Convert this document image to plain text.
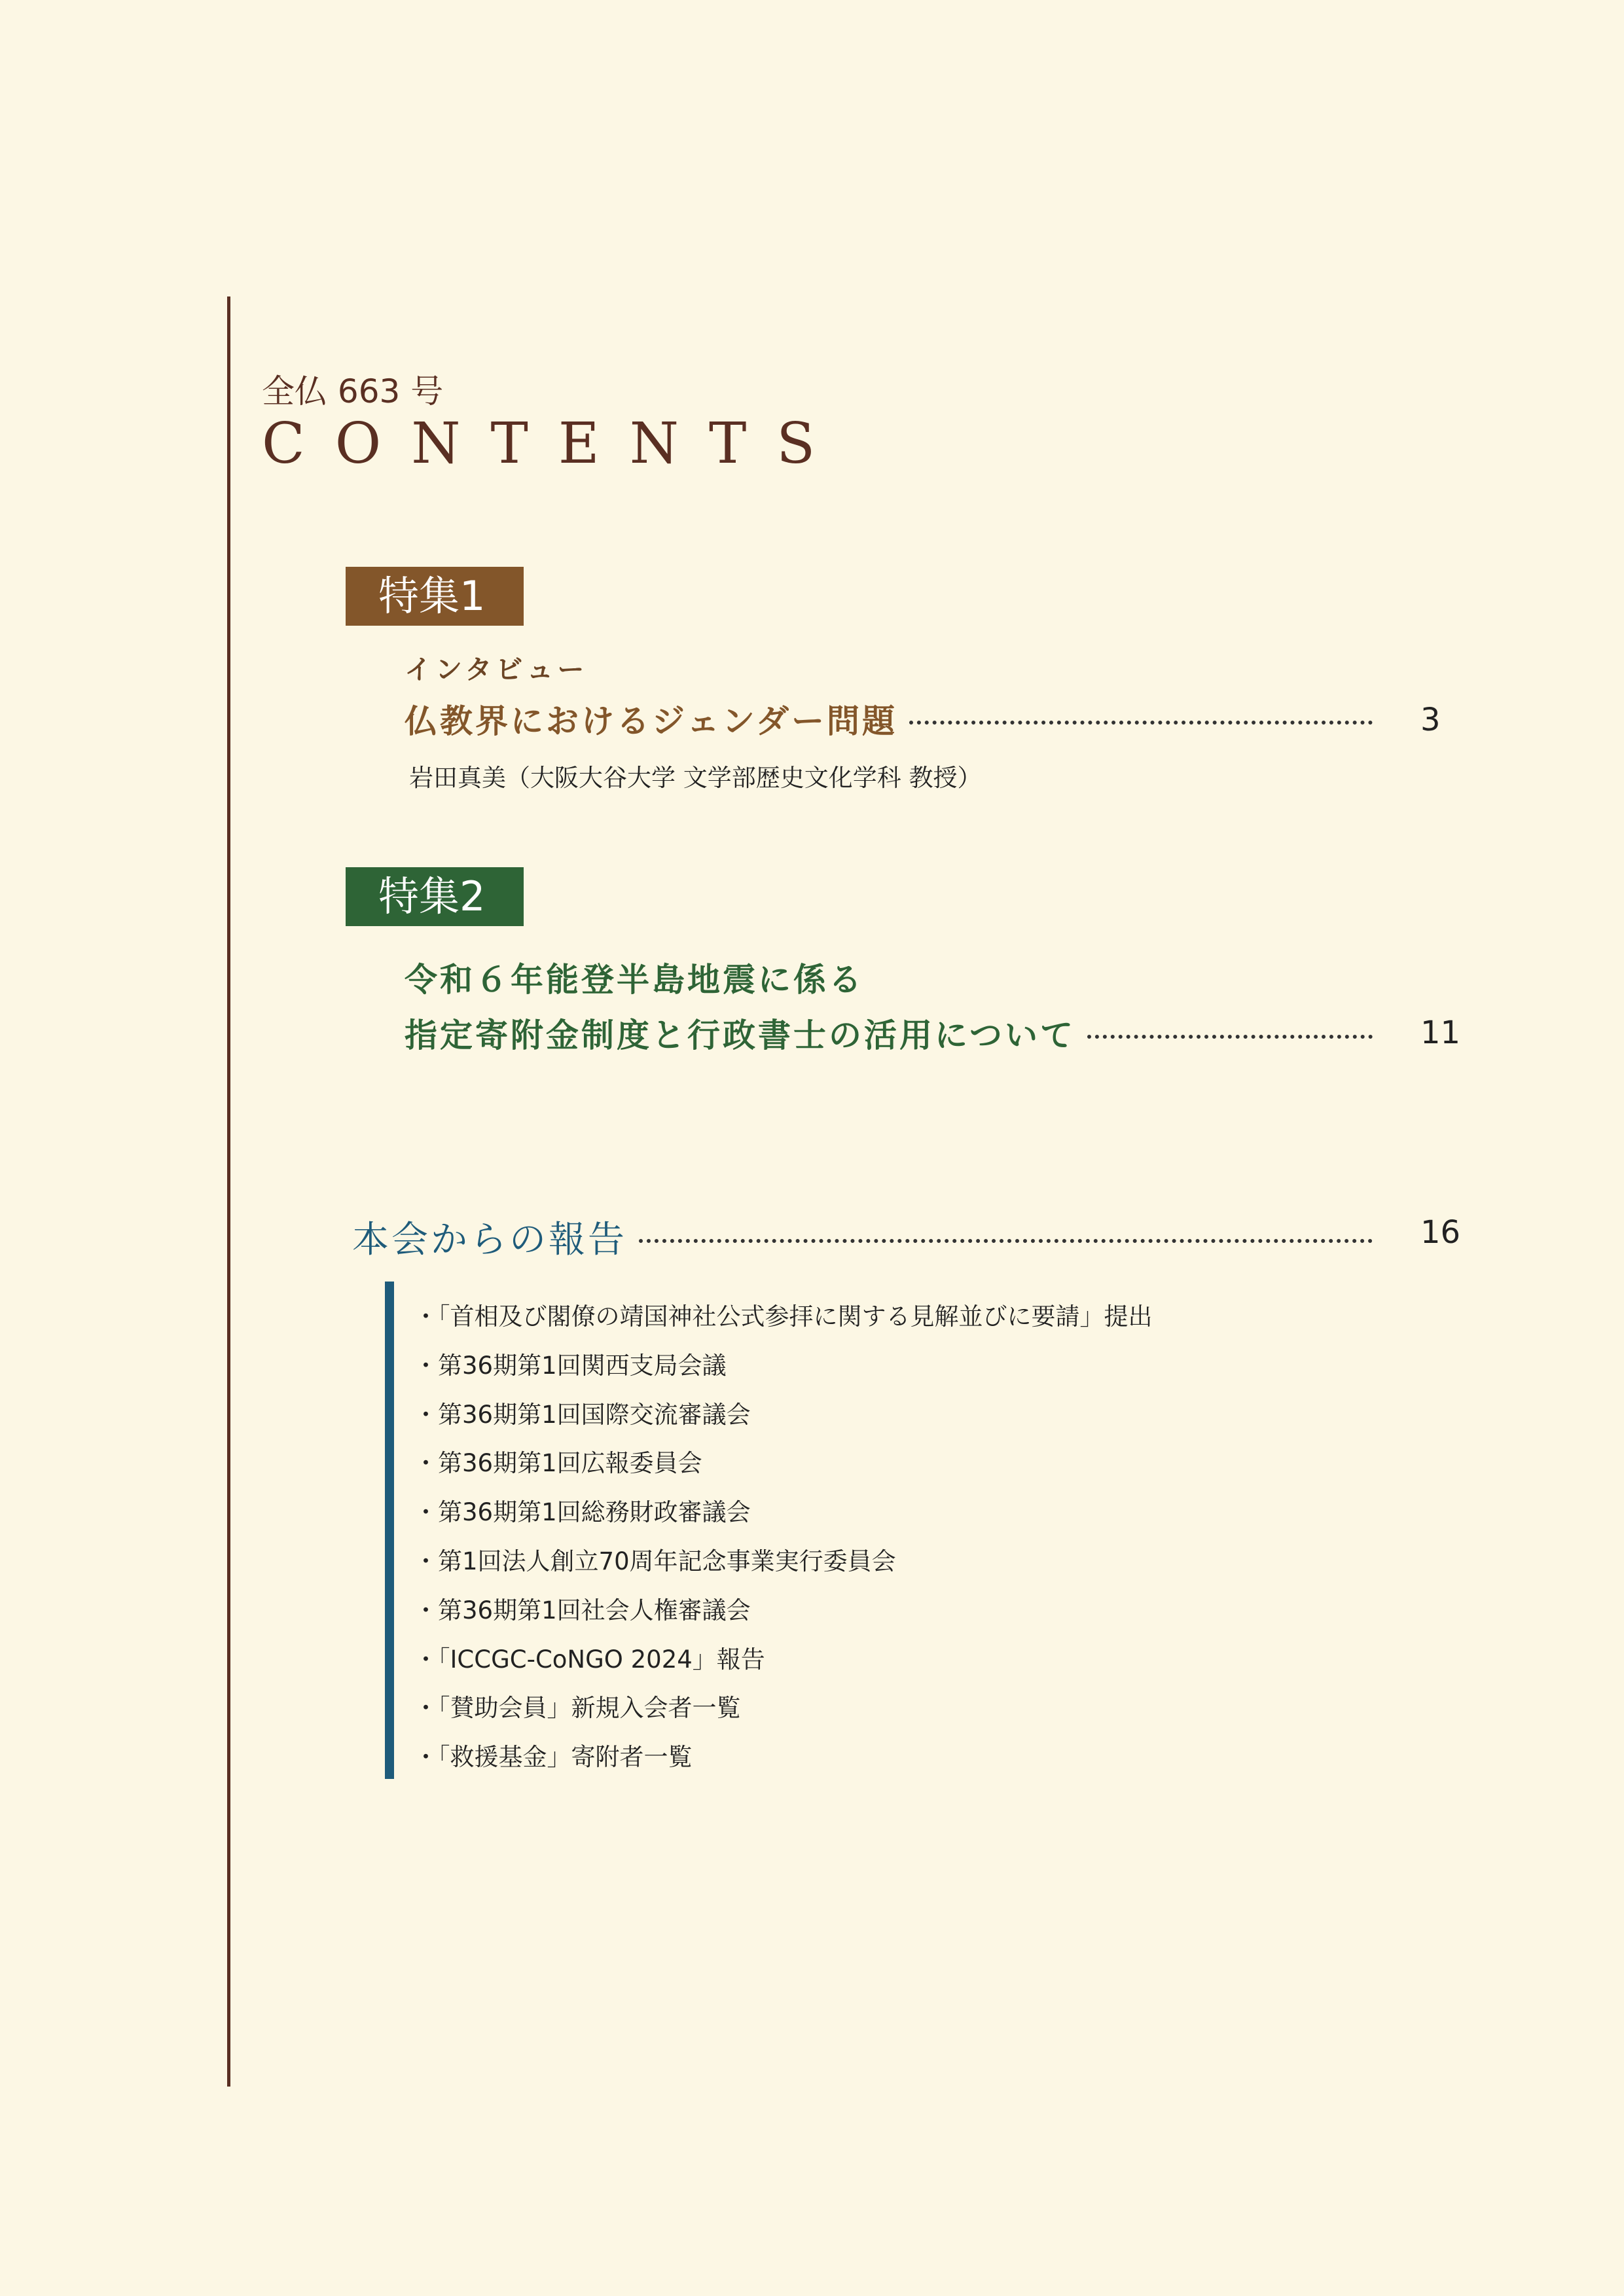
全仏 663 号
CONTENTS
特集1
インタビュー
仏教界におけるジェンダー問題	3
岩田真美（大阪大谷大学 文学部歴史文化学科 教授）
特集2
令和６年能登半島地震に係る
指定寄附金制度と行政書士の活用について	11
本会からの報告	16
・「首相及び閣僚の靖国神社公式参拝に関する見解並びに要請」提出
・第36期第1回関西支局会議
・第36期第1回国際交流審議会
・第36期第1回広報委員会
・第36期第1回総務財政審議会
・第1回法人創立70周年記念事業実行委員会
・第36期第1回社会人権審議会
・「ICCGC-CoNGO 2024」報告
・「賛助会員」新規入会者一覧
・「救援基金」寄附者一覧
